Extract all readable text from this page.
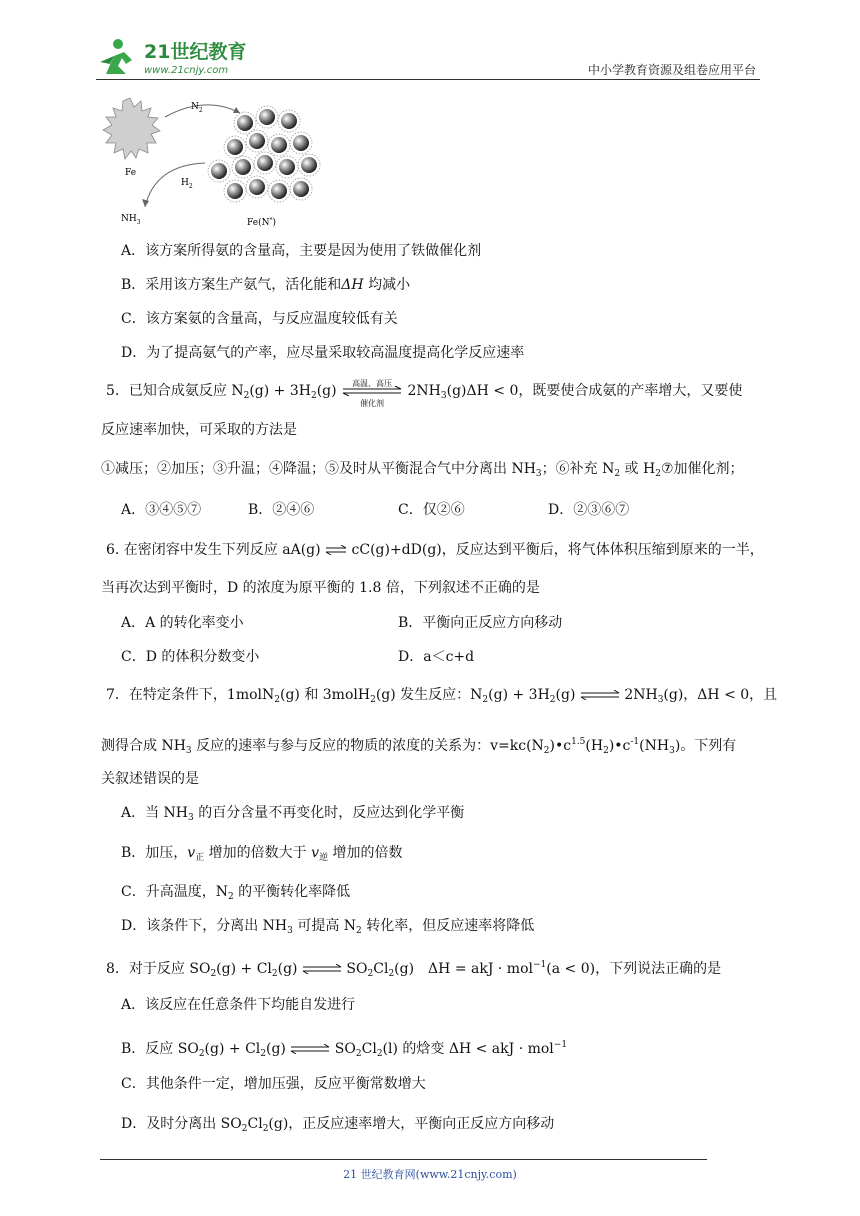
21世纪教育
www.21cnjy.com	中小学教育资源及组卷应用平台
Fe
$N_2$
$H_2$
$NH_3$	Fe(N*)
A．该方案所得氨的含量高，主要是因为使用了铁做催化剂
B．采用该方案生产氨气，活化能和ΔH 均减小
C．该方案氨的含量高，与反应温度较低有关
D．为了提高氨气的产率，应尽量采取较高温度提高化学反应速率
5．已知合成氨反应 $N_2(g) + 3H_2(g)$	高温、高压
催化剂
$2NH_3(g)\Delta H < 0$，既要使合成氨的产率增大，又要使
反应速率加快，可采取的方法是
①减压；②加压；③升温；④降温；⑤及时从平衡混合气中分离出 $NH_3$；⑥补充 $N_2$ 或 $H_2⑦$加催化剂；
A．③④⑤⑦	B．②④⑥	C．仅②⑥	D．②③⑥⑦
6. 在密闭容中发生下列反应 aA(g) ⇌ cC(g)+dD(g)，反应达到平衡后，将气体体积压缩到原来的一半，
当再次达到平衡时，D 的浓度为原平衡的 1.8 倍，下列叙述不正确的是
A．A 的转化率变小	B．平衡向正反应方向移动
C．D 的体积分数变小	D．a＜c+d
7．在特定条件下，1molN$_2$(g) 和 3molH$_2$(g) 发生反应：$N_2(g) + 3H_2(g)$ ⇌ $2NH_3(g)$，ΔH < 0，且
测得合成 $NH_3$ 反应的速率与参与反应的物质的浓度的关系为：$v=kc(N_2)•c^{1.5}(H_2)•c^{-1}(NH_3)$。下列有
关叙述错误的是
A．当 $NH_3$ 的百分含量不再变化时，反应达到化学平衡
B．加压，$v_正$ 增加的倍数大于 $v_逆$ 增加的倍数
C．升高温度，$N_2$ 的平衡转化率降低
D．该条件下，分离出 $NH_3$ 可提高 $N_2$ 转化率，但反应速率将降低
8．对于反应 $SO_2(g) + Cl_2(g)$ ⇌ $SO_2Cl_2(g)$　ΔH = akJ · mol$^{-1}$(a < 0)，下列说法正确的是
A．该反应在任意条件下均能自发进行
B．反应 $SO_2(g) + Cl_2(g)$ ⇌ $SO_2Cl_2(l)$ 的焓变 ΔH < akJ · mol$^{-1}$
C．其他条件一定，增加压强，反应平衡常数增大
D．及时分离出 $SO_2Cl_2(g)$，正反应速率增大，平衡向正反应方向移动
21 世纪教育网(www.21cnjy.com)
